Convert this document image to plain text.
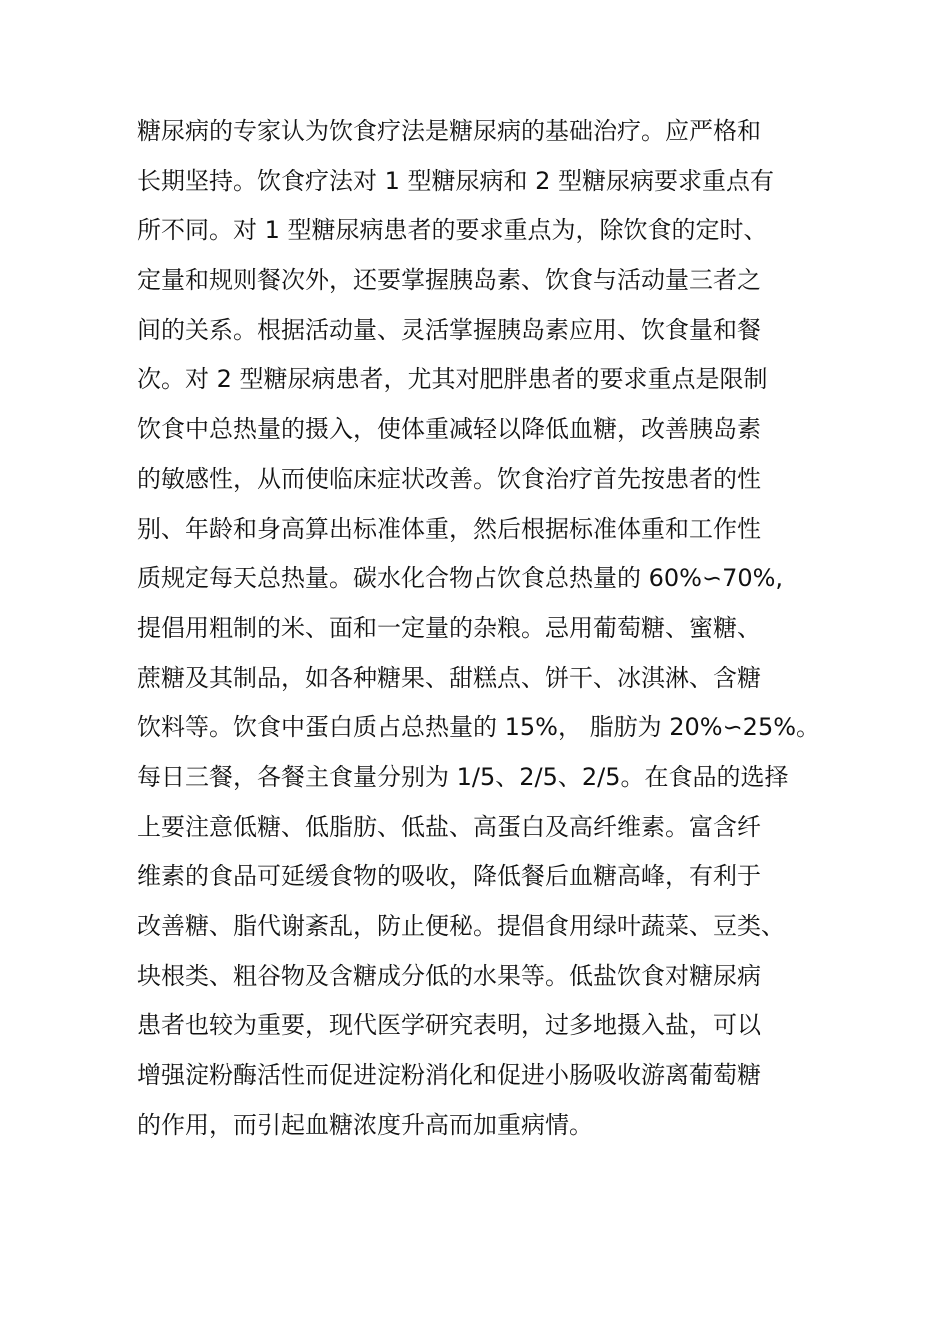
糖尿病的专家认为饮食疗法是糖尿病的基础治疗。应严格和
长期坚持。饮食疗法对 1 型糖尿病和 2 型糖尿病要求重点有
所不同。对 1 型糖尿病患者的要求重点为，除饮食的定时、
定量和规则餐次外，还要掌握胰岛素、饮食与活动量三者之
间的关系。根据活动量、灵活掌握胰岛素应用、饮食量和餐
次。对 2 型糖尿病患者，尤其对肥胖患者的要求重点是限制
饮食中总热量的摄入，使体重减轻以降低血糖，改善胰岛素
的敏感性，从而使临床症状改善。饮食治疗首先按患者的性
别、年龄和身高算出标准体重，然后根据标准体重和工作性
质规定每天总热量。碳水化合物占饮食总热量的 60%∽70%,
提倡用粗制的米、面和一定量的杂粮。忌用葡萄糖、蜜糖、
蔗糖及其制品，如各种糖果、甜糕点、饼干、冰淇淋、含糖
饮料等。饮食中蛋白质占总热量的 15%， 脂肪为 20%∽25%。
每日三餐，各餐主食量分别为 1/5、2/5、2/5。在食品的选择
上要注意低糖、低脂肪、低盐、高蛋白及高纤维素。富含纤
维素的食品可延缓食物的吸收，降低餐后血糖高峰，有利于
改善糖、脂代谢紊乱，防止便秘。提倡食用绿叶蔬菜、豆类、
块根类、粗谷物及含糖成分低的水果等。低盐饮食对糖尿病
患者也较为重要，现代医学研究表明，过多地摄入盐，可以
增强淀粉酶活性而促进淀粉消化和促进小肠吸收游离葡萄糖
的作用，而引起血糖浓度升高而加重病情。
